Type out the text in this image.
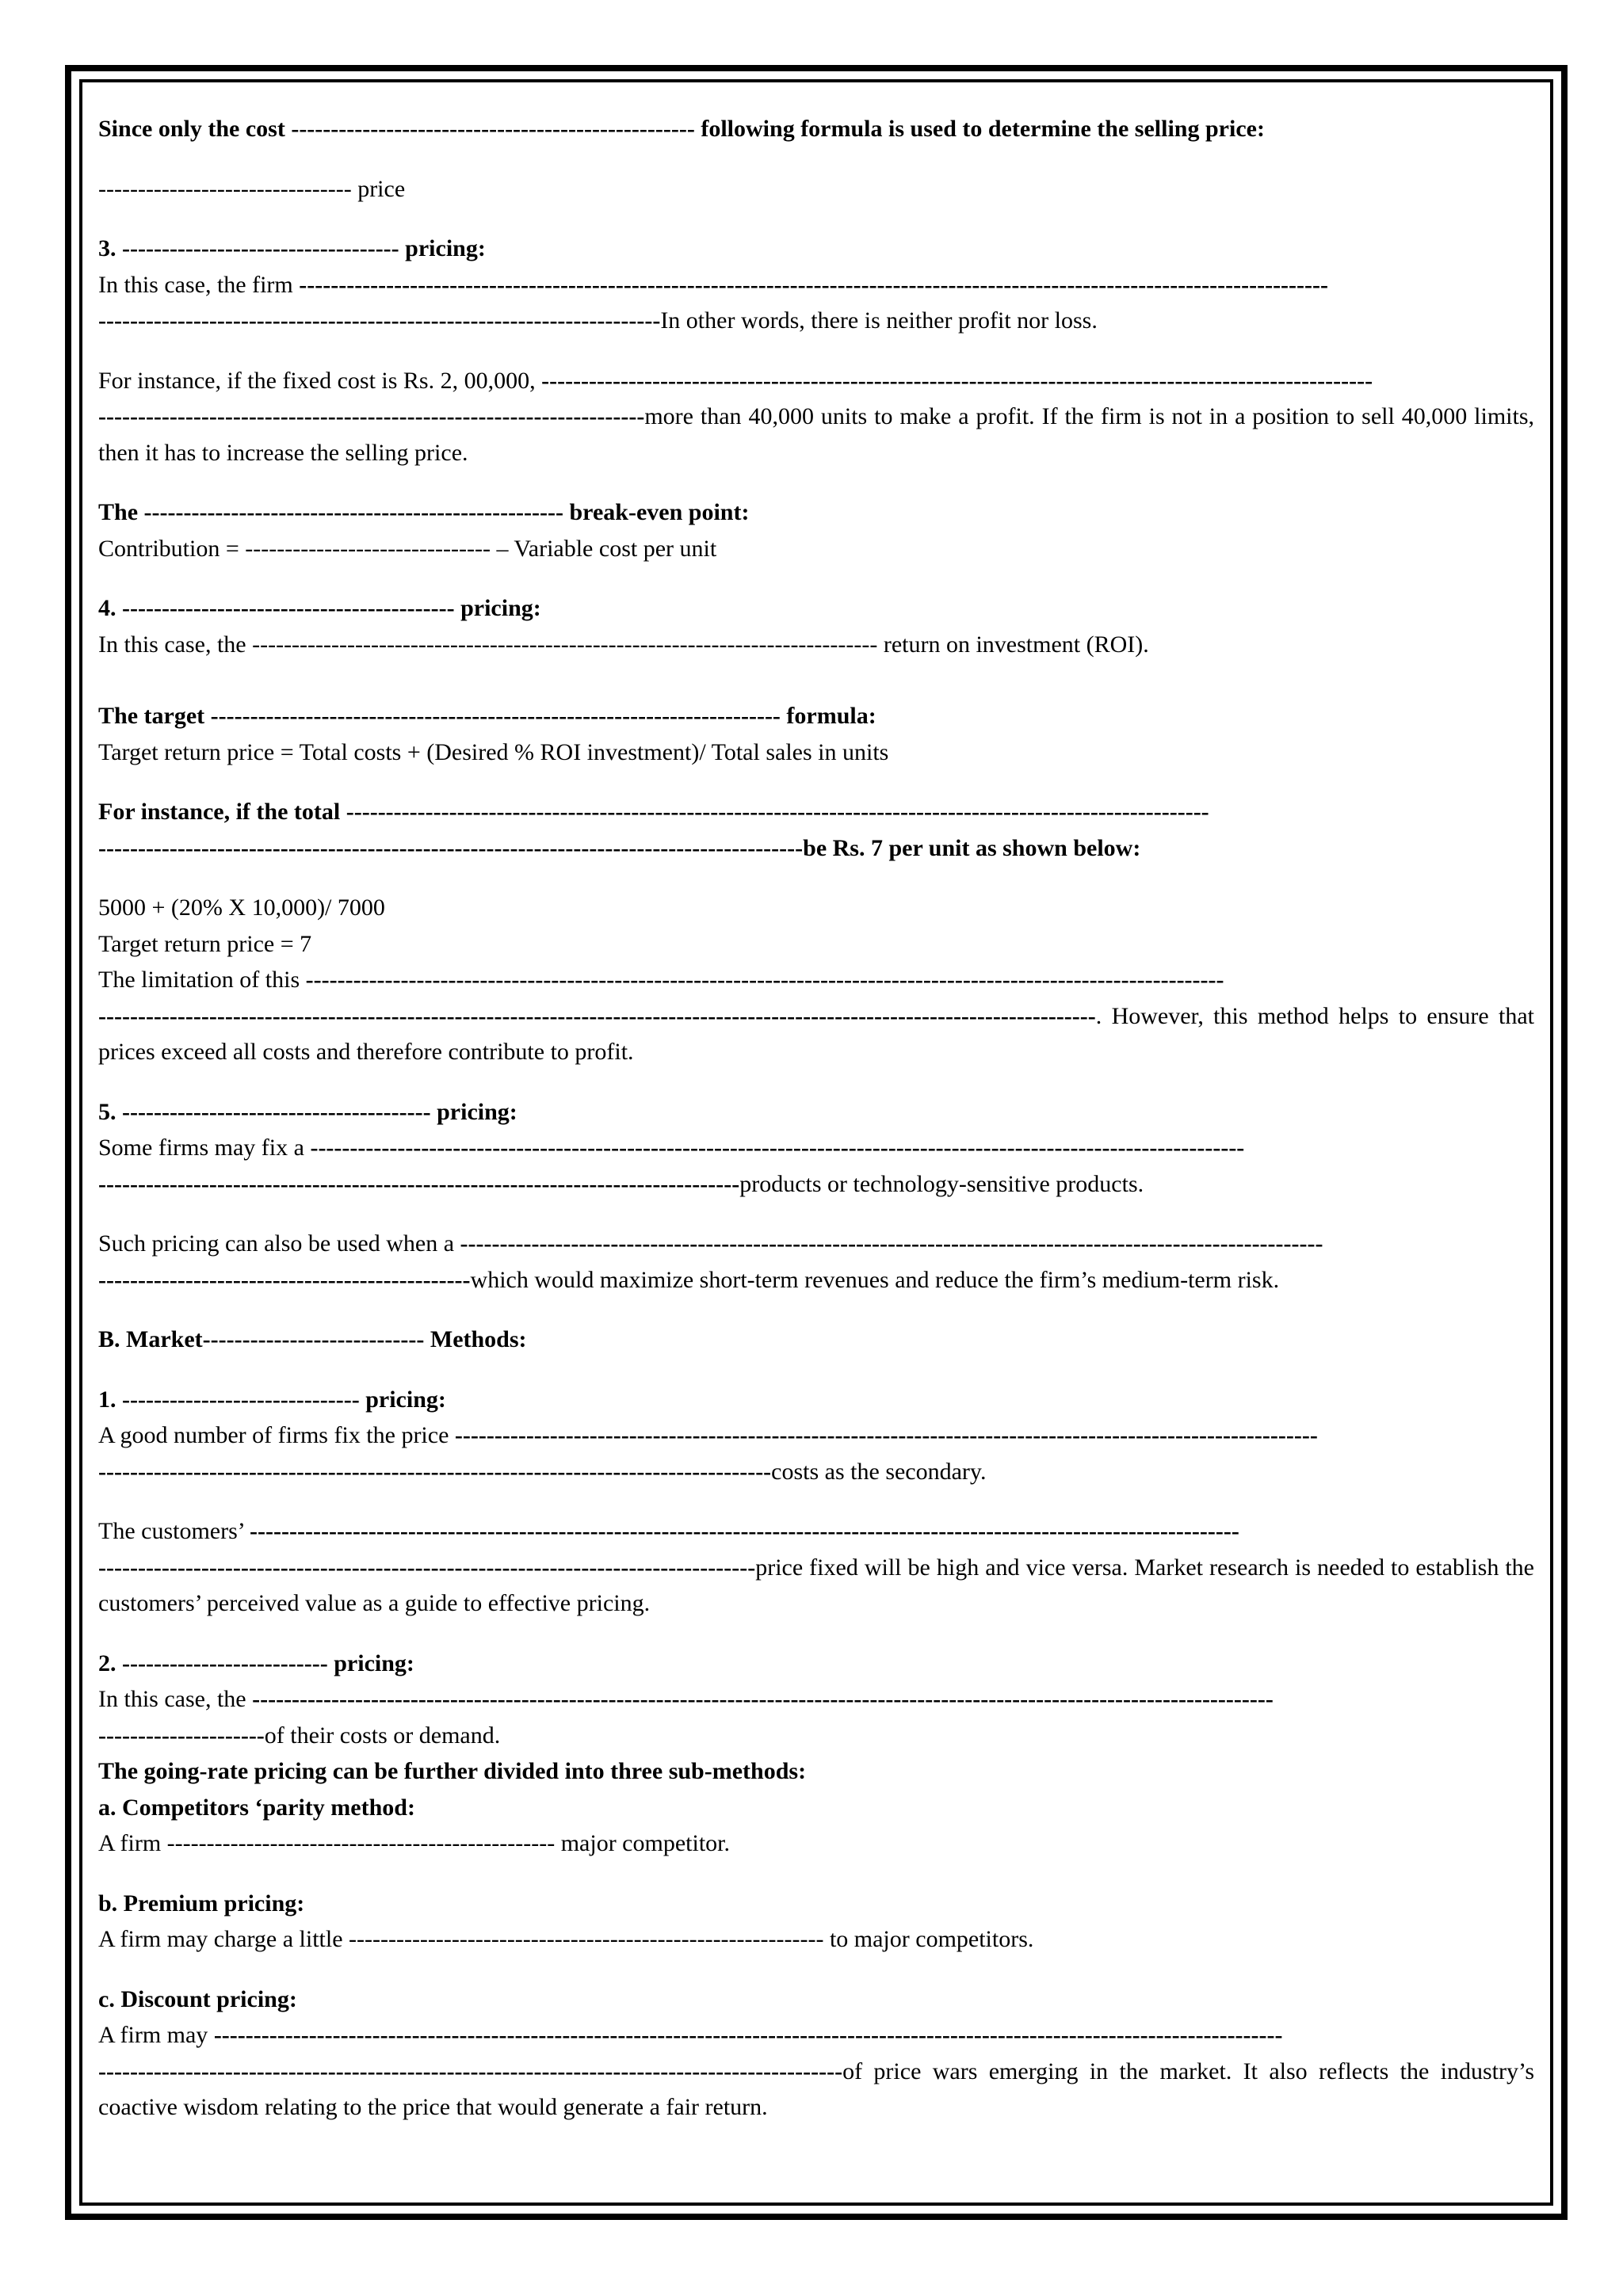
Since only the cost --------------------------------------------------- following formula is used to determine the selling price:

-------------------------------- price

3. ----------------------------------- pricing:

In this case, the firm ----------------------------------------------------------------------------------------------------------------------------------

-----------------------------------------------------------------------In other words, there is neither profit nor loss.

For instance, if the fixed cost is Rs. 2, 00,000, ---------------------------------------------------------------------------------------------------------

---------------------------------------------------------------------more than 40,000 units to make a profit. If the firm is not in a position to sell 40,000 limits, then it has to increase the selling price.

The ----------------------------------------------------- break-even point:

Contribution = ------------------------------- – Variable cost per unit

4. ------------------------------------------ pricing:

In this case, the ------------------------------------------------------------------------------- return on investment (ROI).

The target ------------------------------------------------------------------------ formula:

Target return price = Total costs + (Desired % ROI investment)/ Total sales in units

For instance, if the total -------------------------------------------------------------------------------------------------------------

-----------------------------------------------------------------------------------------be Rs. 7 per unit as shown below:

5000 + (20% X 10,000)/ 7000

Target return price = 7

The limitation of this --------------------------------------------------------------------------------------------------------------------

------------------------------------------------------------------------------------------------------------------------------. However, this method helps to ensure that prices exceed all costs and therefore contribute to profit.

5. --------------------------------------- pricing:

Some firms may fix a ----------------------------------------------------------------------------------------------------------------------

---------------------------------------------------------------------------------products or technology-sensitive products.

Such pricing can also be used when a -------------------------------------------------------------------------------------------------------------

-----------------------------------------------which would maximize short-term revenues and reduce the firm’s medium-term risk.

B. Market---------------------------- Methods:

1. ------------------------------ pricing:

A good number of firms fix the price -------------------------------------------------------------------------------------------------------------

-------------------------------------------------------------------------------------costs as the secondary.

The customers’ -----------------------------------------------------------------------------------------------------------------------------

-----------------------------------------------------------------------------------price fixed will be high and vice versa. Market research is needed to establish the customers’ perceived value as a guide to effective pricing.

2. -------------------------- pricing:

In this case, the ---------------------------------------------------------------------------------------------------------------------------------

---------------------of their costs or demand.

The going-rate pricing can be further divided into three sub-methods:

a. Competitors ‘parity method:

A firm ------------------------------------------------- major competitor.

b. Premium pricing:

A firm may charge a little ------------------------------------------------------------ to major competitors.

c. Discount pricing:

A firm may ---------------------------------------------------------------------------------------------------------------------------------------

----------------------------------------------------------------------------------------------of price wars emerging in the market. It also reflects the industry’s coactive wisdom relating to the price that would generate a fair return.
